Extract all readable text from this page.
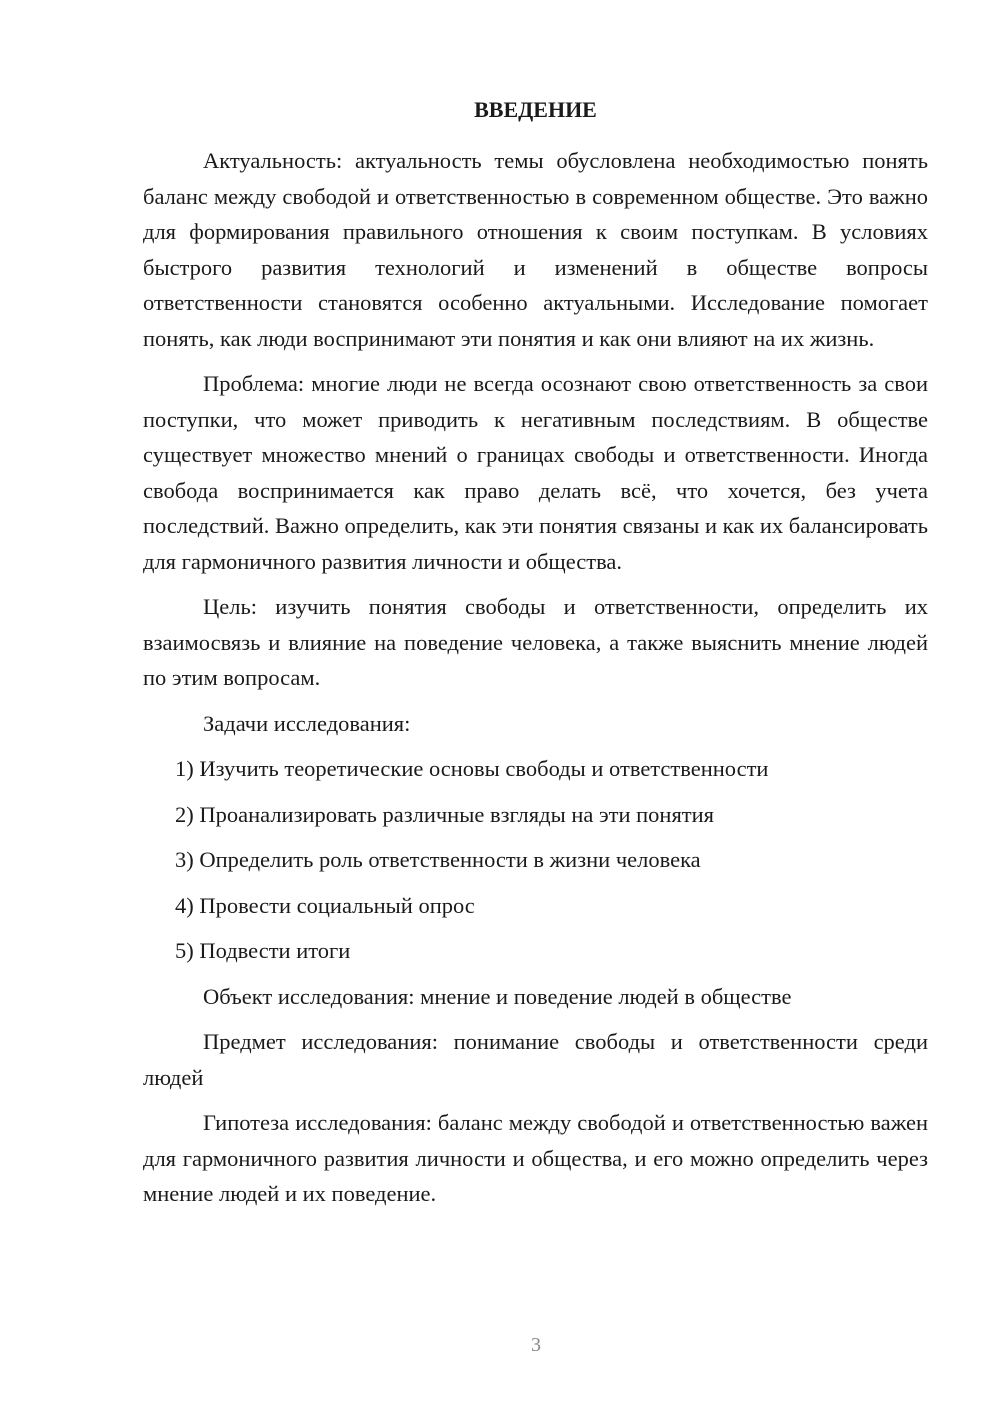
ВВЕДЕНИЕ

Актуальность: актуальность темы обусловлена необходимостью понять баланс между свободой и ответственностью в современном обществе. Это важно для формирования правильного отношения к своим поступкам. В условиях быстрого развития технологий и изменений в обществе вопросы ответственности становятся особенно актуальными. Исследование помогает понять, как люди воспринимают эти понятия и как они влияют на их жизнь.

Проблема: многие люди не всегда осознают свою ответственность за свои поступки, что может приводить к негативным последствиям. В обществе существует множество мнений о границах свободы и ответственности. Иногда свобода воспринимается как право делать всё, что хочется, без учета последствий. Важно определить, как эти понятия связаны и как их балансировать для гармоничного развития личности и общества.

Цель: изучить понятия свободы и ответственности, определить их взаимосвязь и влияние на поведение человека, а также выяснить мнение людей по этим вопросам.

Задачи исследования:

1) Изучить теоретические основы свободы и ответственности
2) Проанализировать различные взгляды на эти понятия
3) Определить роль ответственности в жизни человека
4) Провести социальный опрос
5) Подвести итоги

Объект исследования: мнение и поведение людей в обществе

Предмет исследования: понимание свободы и ответственности среди людей

Гипотеза исследования: баланс между свободой и ответственностью важен для гармоничного развития личности и общества, и его можно определить через мнение людей и их поведение.

3
